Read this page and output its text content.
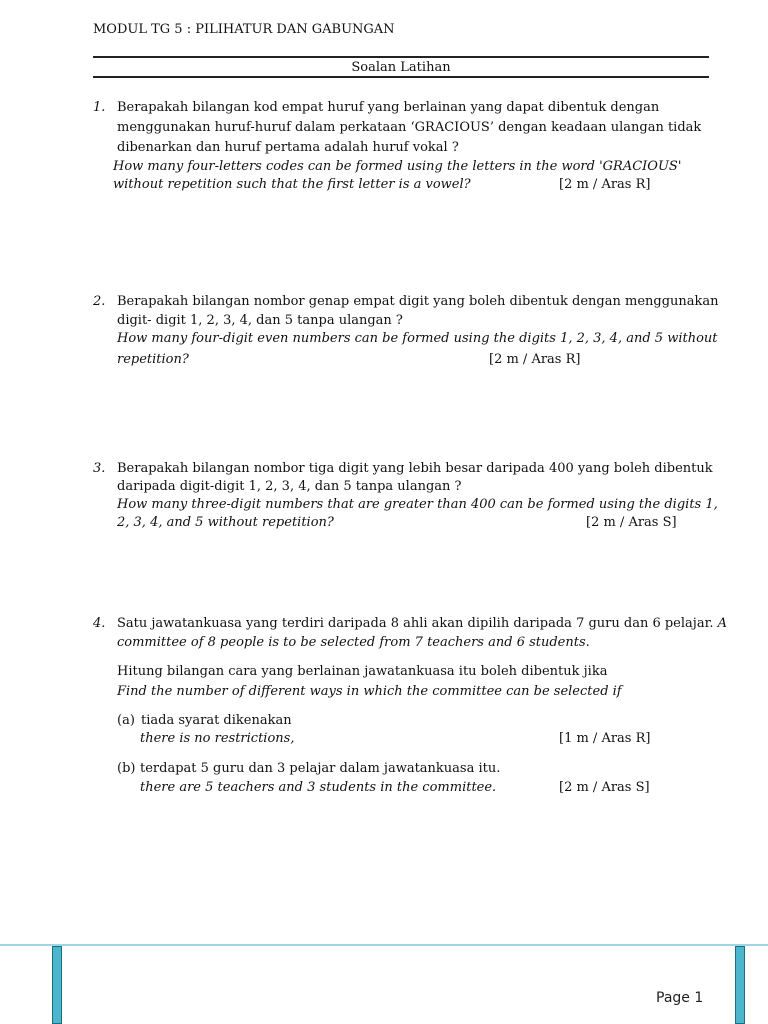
MODUL TG 5 : PILIHATUR DAN GABUNGAN
Soalan Latihan
1. Berapakah bilangan kod empat huruf yang berlainan yang dapat dibentuk dengan
menggunakan huruf-huruf dalam perkataan ‘GRACIOUS’ dengan keadaan ulangan tidak
dibenarkan dan huruf pertama adalah huruf vokal ?
How many four-letters codes can be formed using the letters in the word 'GRACIOUS'
without repetition such that the first letter is a vowel?	[2 m / Aras R]
2. Berapakah bilangan nombor genap empat digit yang boleh dibentuk dengan menggunakan
digit- digit 1, 2, 3, 4, dan 5 tanpa ulangan ?
How many four-digit even numbers can be formed using the digits 1, 2, 3, 4, and 5 without
repetition?	[2 m / Aras R]
3. Berapakah bilangan nombor tiga digit yang lebih besar daripada 400 yang boleh dibentuk
daripada digit-digit 1, 2, 3, 4, dan 5 tanpa ulangan ?
How many three-digit numbers that are greater than 400 can be formed using the digits 1,
2, 3, 4, and 5 without repetition?	[2 m / Aras S]
4. Satu jawatankuasa yang terdiri daripada 8 ahli akan dipilih daripada 7 guru dan 6 pelajar. A
committee of 8 people is to be selected from 7 teachers and 6 students.
Hitung bilangan cara yang berlainan jawatankuasa itu boleh dibentuk jika
Find the number of different ways in which the committee can be selected if
(a) tiada syarat dikenakan
there is no restrictions,	[1 m / Aras R]
(b) terdapat 5 guru dan 3 pelajar dalam jawatankuasa itu.
there are 5 teachers and 3 students in the committee.	[2 m / Aras S]
Page 1
